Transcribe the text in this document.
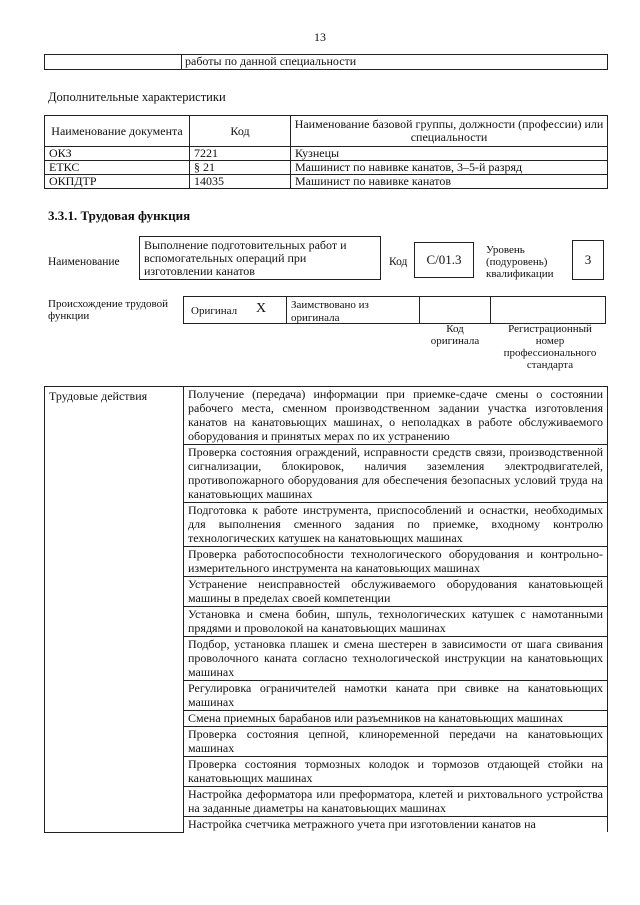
13
	работы по данной специальности
Дополнительные характеристики
Наименование документа	Код	Наименование базовой группы, должности (профессии) или специальности
ОКЗ	7221	Кузнецы
ЕТКС	§ 21	Машинист по навивке канатов, 3–5-й разряд
ОКПДТР	14035	Машинист по навивке канатов
3.3.1. Трудовая функция
Наименование
Выполнение подготовительных работ и вспомогательных операций при изготовлении канатов
Код	С/01.3
Уровень (подуровень) квалификации
3
Происхождение трудовой функции	Оригинал X	Заимствовано из оригинала
Код оригинала
Регистрационный номер профессионального стандарта
Трудовые действия	Получение (передача) информации при приемке-сдаче смены о состоянии рабочего места, сменном производственном задании участка изготовления канатов на канатовьющих машинах, о неполадках в работе обслуживаемого оборудования и принятых мерах по их устранению
Проверка состояния ограждений, исправности средств связи, производственной сигнализации, блокировок, наличия заземления электродвигателей, противопожарного оборудования для обеспечения безопасных условий труда на канатовьющих машинах
Подготовка к работе инструмента, приспособлений и оснастки, необходимых для выполнения сменного задания по приемке, входному контролю технологических катушек на канатовьющих машинах
Проверка работоспособности технологического оборудования и контрольно-измерительного инструмента на канатовьющих машинах
Устранение неисправностей обслуживаемого оборудования канатовьющей машины в пределах своей компетенции
Установка и смена бобин, шпуль, технологических катушек с намотанными прядями и проволокой на канатовьющих машинах
Подбор, установка плашек и смена шестерен в зависимости от шага свивания проволочного каната согласно технологической инструкции на канатовьющих машинах
Регулировка ограничителей намотки каната при свивке на канатовьющих машинах
Смена приемных барабанов или разъемников на канатовьющих машинах
Проверка состояния цепной, клиноременной передачи на канатовьющих машинах
Проверка состояния тормозных колодок и тормозов отдающей стойки на канатовьющих машинах
Настройка деформатора или преформатора, клетей и рихтовального устройства на заданные диаметры на канатовьющих машинах
Настройка счетчика метражного учета при изготовлении канатов на
